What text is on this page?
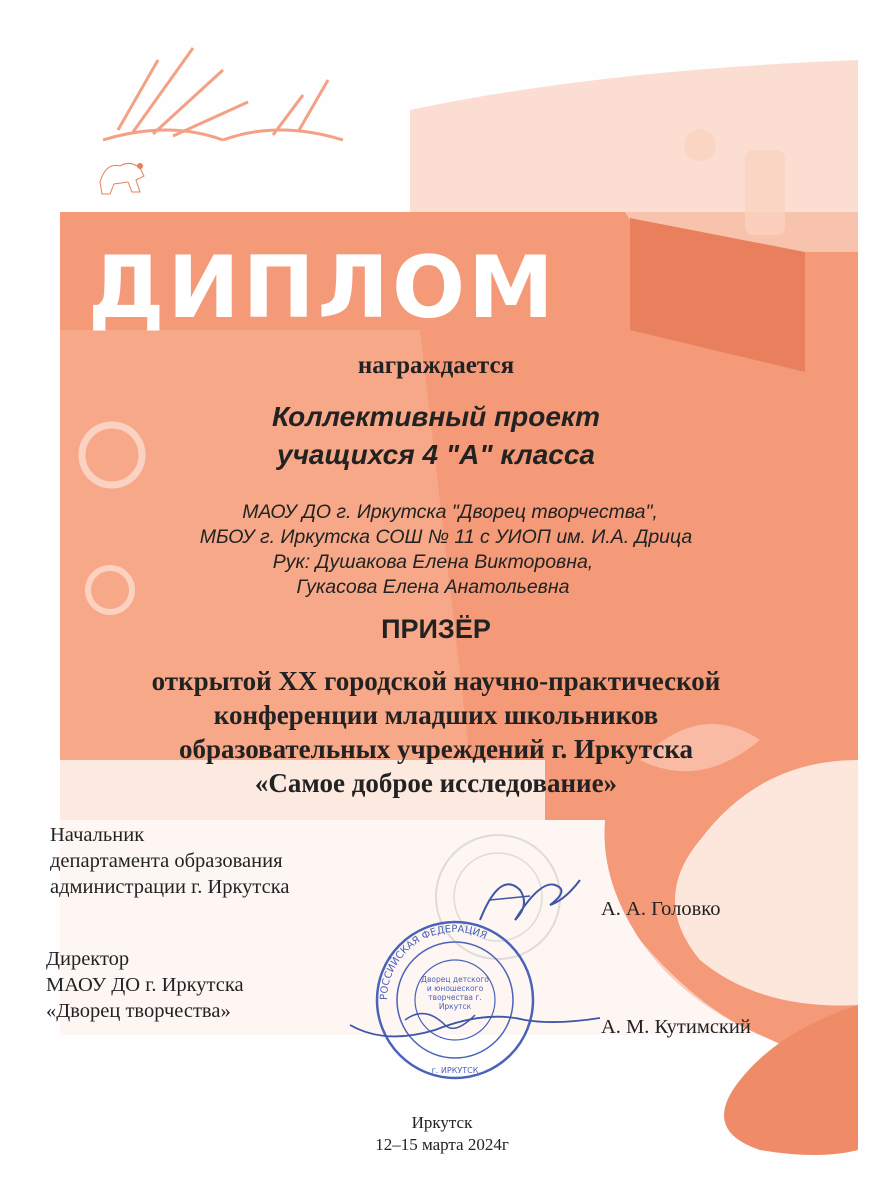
ДЕПАРТАМЕНТ ОБРАЗОВАНИЯ
АДМИНИСТРАЦИИ г. ИРКУТСКА
ДИПЛОМ
награждается
Коллективный проект
учащихся 4 "А" класса
МАОУ ДО г. Иркутска "Дворец творчества",
МБОУ г. Иркутска СОШ № 11 с УИОП им. И.А. Дрица
Рук: Душакова Елена Викторовна,
Гукасова Елена Анатольевна
ПРИЗЁР
открытой XX городской научно-практической
конференции младших школьников
образовательных учреждений г. Иркутска
«Самое доброе исследование»
Начальник
департамента образования
администрации г. Иркутска
А. А. Головко
Директор
МАОУ ДО г. Иркутска
«Дворец творчества»
А. М. Кутимский
РОССИЙСКАЯ ФЕДЕРАЦИЯ
г. ИРКУТСК
Дворец детского и юношеского творчества г. Иркутск
Иркутск
12–15 марта 2024г
